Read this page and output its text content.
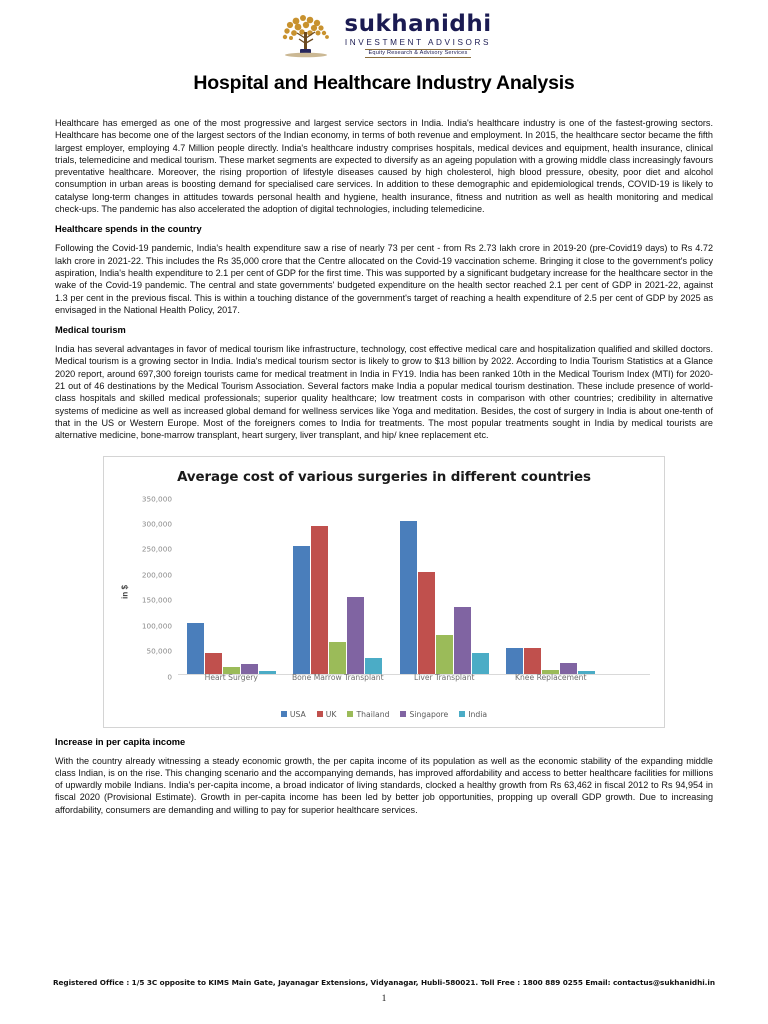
sukhanidhi
INVESTMENT ADVISORS
Equity Research & Advisory Services
Hospital and Healthcare Industry Analysis

Healthcare has emerged as one of the most progressive and largest service sectors in India. India's healthcare industry is one of the fastest-growing sectors. Healthcare has become one of the largest sectors of the Indian economy, in terms of both revenue and employment. In 2015, the healthcare sector became the fifth largest employer, employing 4.7 Million people directly. India's healthcare industry comprises hospitals, medical devices and equipment, health insurance, clinical trials, telemedicine and medical tourism. These market segments are expected to diversify as an ageing population with a growing middle class increasingly favours preventative healthcare. Moreover, the rising proportion of lifestyle diseases caused by high cholesterol, high blood pressure, obesity, poor diet and alcohol consumption in urban areas is boosting demand for specialised care services. In addition to these demographic and epidemiological trends, COVID-19 is likely to catalyse long-term changes in attitudes towards personal health and hygiene, health insurance, fitness and nutrition as well as health monitoring and medical check-ups. The pandemic has also accelerated the adoption of digital technologies, including telemedicine.

Healthcare spends in the country

Following the Covid-19 pandemic, India's health expenditure saw a rise of nearly 73 per cent - from Rs 2.73 lakh crore in 2019-20 (pre-Covid19 days) to Rs 4.72 lakh crore in 2021-22. This includes the Rs 35,000 crore that the Centre allocated on the Covid-19 vaccination scheme. Bringing it close to the government's policy aspiration, India's health expenditure to 2.1 per cent of GDP for the first time. This was supported by a significant budgetary increase for the healthcare sector in the wake of the Covid-19 pandemic. The central and state governments' budgeted expenditure on the health sector reached 2.1 per cent of GDP in 2021-22, against 1.3 per cent in the previous fiscal. This is within a touching distance of the government's target of reaching a health expenditure of 2.5 per cent of GDP by 2025 as envisaged in the National Health Policy, 2017.

Medical tourism

India has several advantages in favor of medical tourism like infrastructure, technology, cost effective medical care and hospitalization qualified and skilled doctors. Medical tourism is a growing sector in India. India's medical tourism sector is likely to grow to $13 billion by 2022. According to India Tourism Statistics at a Glance 2020 report, around 697,300 foreign tourists came for medical treatment in India in FY19. India has been ranked 10th in the Medical Tourism Index (MTI) for 2020-21 out of 46 destinations by the Medical Tourism Association. Several factors make India a popular medical tourism destination. These include presence of world-class hospitals and skilled medical professionals; superior quality healthcare; low treatment costs in comparison with other countries; credibility in alternative systems of medicine as well as increased global demand for wellness services like Yoga and meditation. Besides, the cost of surgery in India is about one-tenth of that in the US or Western Europe. Most of the foreigners comes to India for treatments. The most popular treatments sought in India by medical tourists are alternative medicine, bone-marrow transplant, heart surgery, liver transplant, and hip/ knee replacement etc.

Average cost of various surgeries in different countries
in $
350,000
300,000
250,000
200,000
150,000
100,000
50,000
0	Heart Surgery	Bone Marrow Transplant	Liver Transplant	Knee Replacement
USA	UK	Thailand	Singapore	India
Increase in per capita income

With the country already witnessing a steady economic growth, the per capita income of its population as well as the economic stability of the expanding middle class Indian, is on the rise. This changing scenario and the accompanying demands, has improved affordability and access to better healthcare facilities for millions of upwardly mobile Indians. India's per-capita income, a broad indicator of living standards, clocked a healthy growth from Rs 63,462 in fiscal 2012 to Rs 94,954 in fiscal 2020 (Provisional Estimate). Growth in per-capita income has been led by better job opportunities, propping up overall GDP growth. Due to increasing affordability, consumers are demanding and willing to pay for superior healthcare services.

Registered Office : 1/5 3C opposite to KIMS Main Gate, Jayanagar Extensions, Vidyanagar, Hubli-580021. Toll Free : 1800 889 0255 Email: contactus@sukhanidhi.in
1
